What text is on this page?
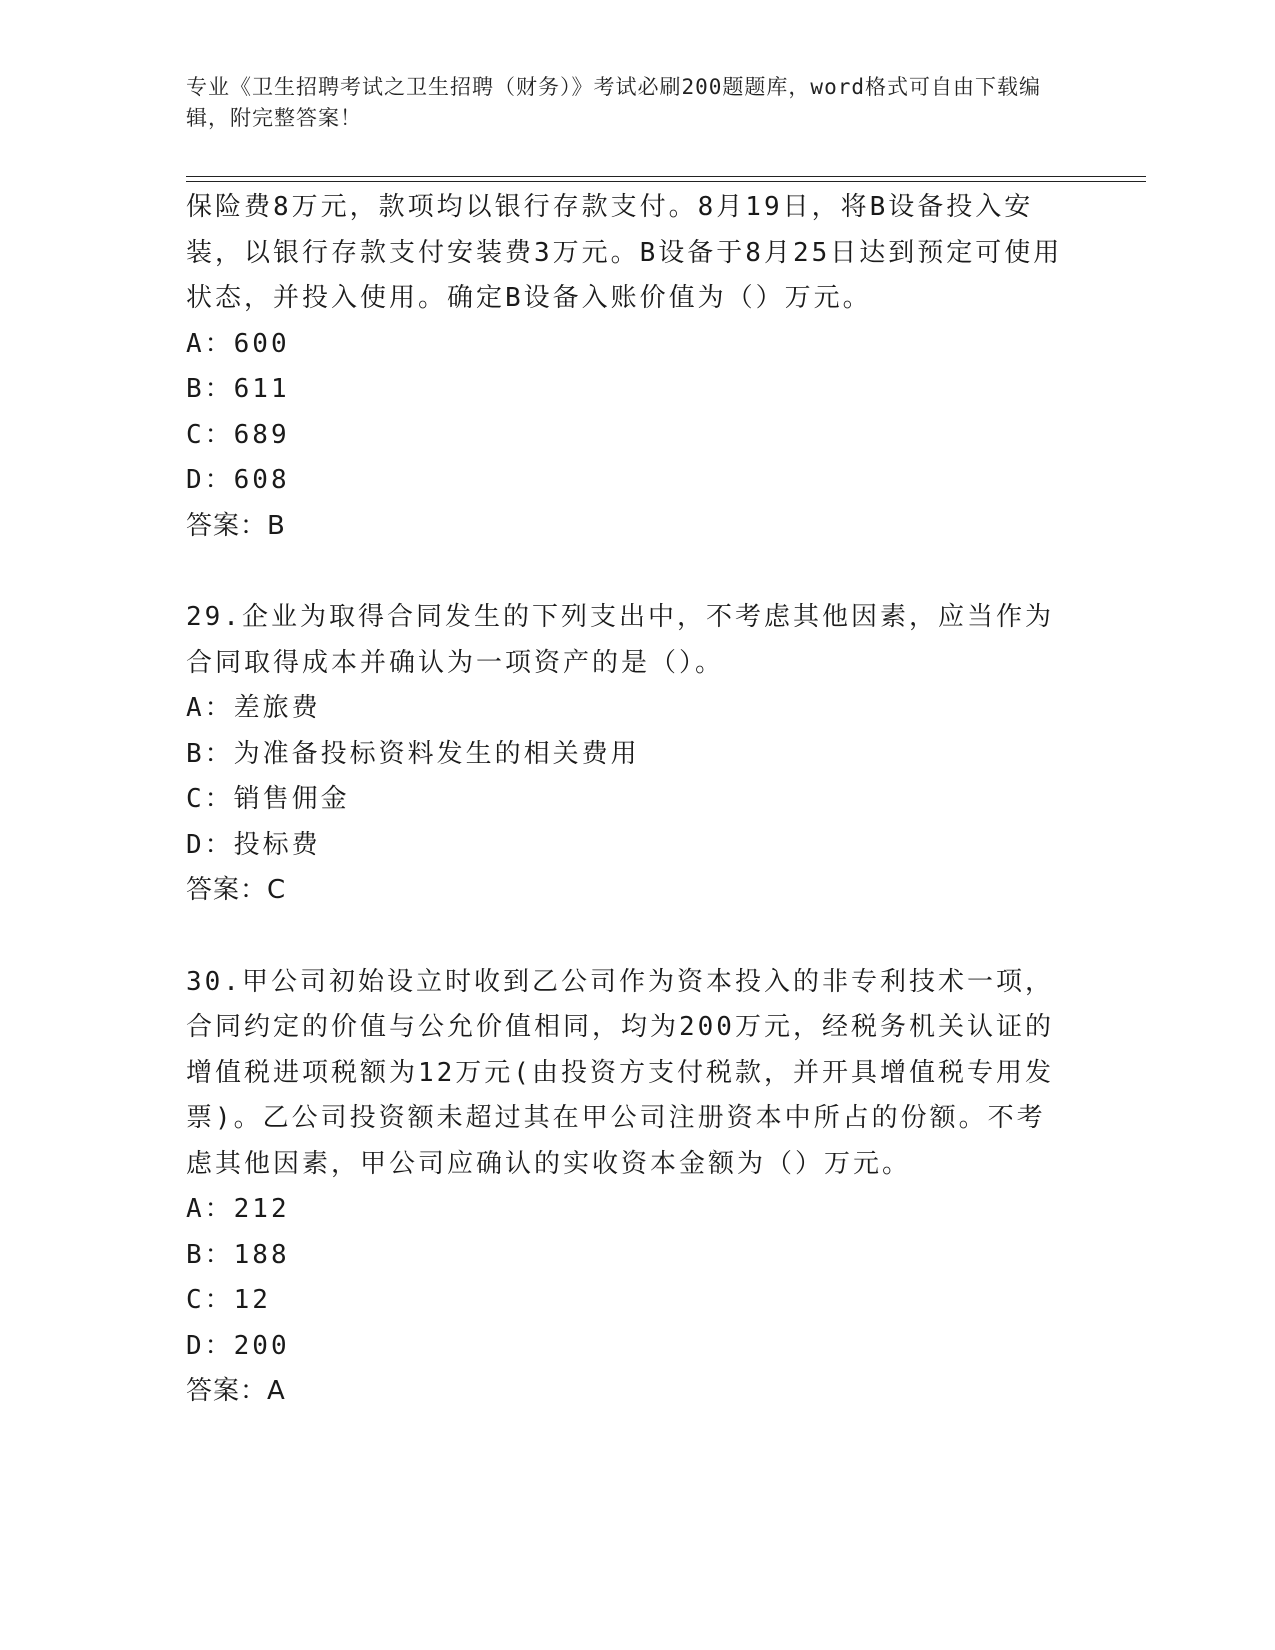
专业《卫生招聘考试之卫生招聘（财务）》考试必刷200题题库，word格式可自由下载编辑，附完整答案！

保险费8万元，款项均以银行存款支付。8月19日，将B设备投入安装，以银行存款支付安装费3万元。B设备于8月25日达到预定可使用状态，并投入使用。确定B设备入账价值为（）万元。

A：600

B：611

C：689

D：608

答案：B

29.企业为取得合同发生的下列支出中，不考虑其他因素，应当作为合同取得成本并确认为一项资产的是（）。

A：差旅费

B：为准备投标资料发生的相关费用

C：销售佣金

D：投标费

答案：C

30.甲公司初始设立时收到乙公司作为资本投入的非专利技术一项，合同约定的价值与公允价值相同，均为200万元，经税务机关认证的增值税进项税额为12万元(由投资方支付税款，并开具增值税专用发票)。乙公司投资额未超过其在甲公司注册资本中所占的份额。不考虑其他因素，甲公司应确认的实收资本金额为（）万元。

A：212

B：188

C：12

D：200

答案：A
